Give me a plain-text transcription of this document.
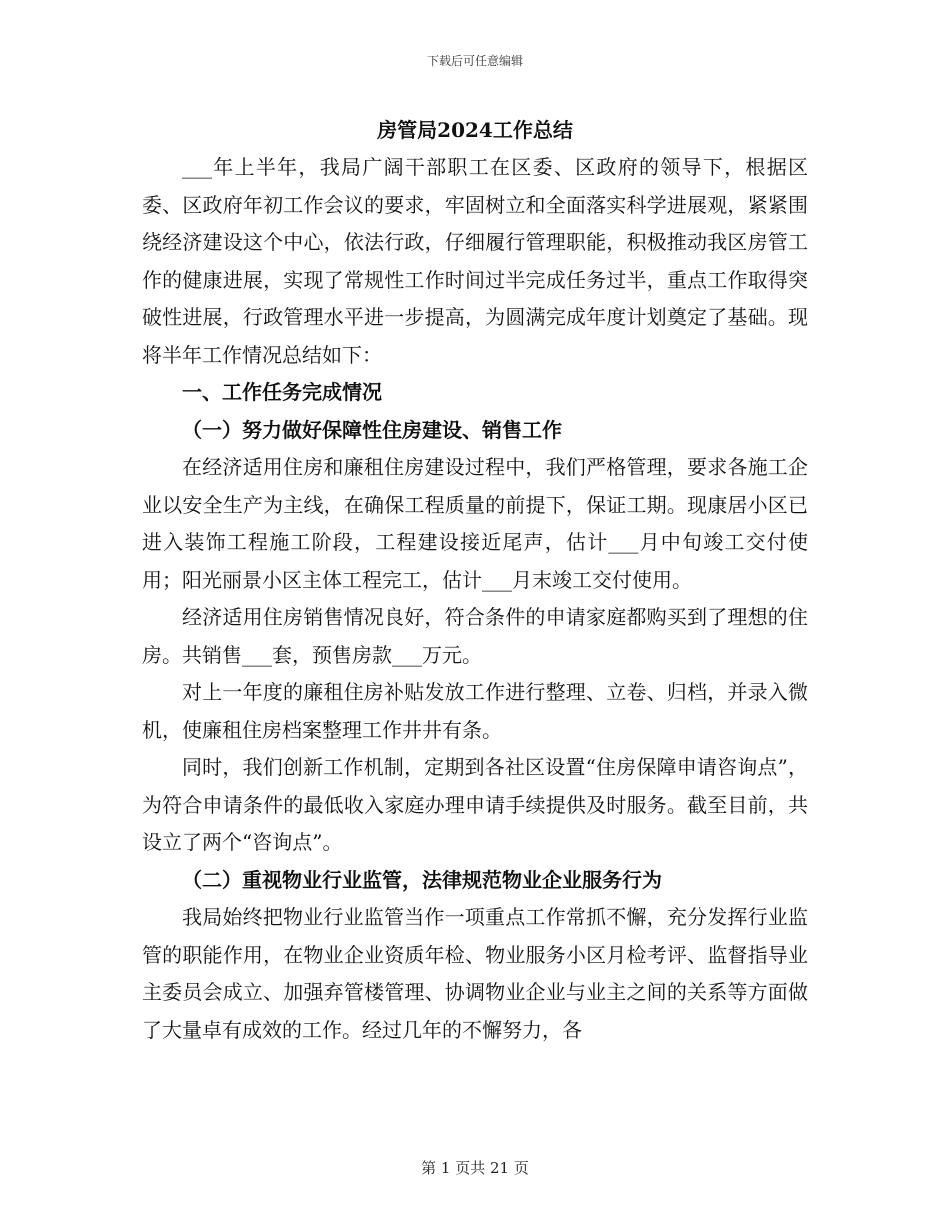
下载后可任意编辑
房管局2024工作总结

___年上半年，我局广阔干部职工在区委、区政府的领导下，根据区委、区政府年初工作会议的要求，牢固树立和全面落实科学进展观，紧紧围绕经济建设这个中心，依法行政，仔细履行管理职能，积极推动我区房管工作的健康进展，实现了常规性工作时间过半完成任务过半，重点工作取得突破性进展，行政管理水平进一步提高，为圆满完成年度计划奠定了基础。现将半年工作情况总结如下：

一、工作任务完成情况

（一）努力做好保障性住房建设、销售工作

在经济适用住房和廉租住房建设过程中，我们严格管理，要求各施工企业以安全生产为主线，在确保工程质量的前提下，保证工期。现康居小区已进入装饰工程施工阶段，工程建设接近尾声，估计___月中旬竣工交付使用；阳光丽景小区主体工程完工，估计___月末竣工交付使用。

经济适用住房销售情况良好，符合条件的申请家庭都购买到了理想的住房。共销售___套，预售房款___万元。

对上一年度的廉租住房补贴发放工作进行整理、立卷、归档，并录入微机，使廉租住房档案整理工作井井有条。

同时，我们创新工作机制，定期到各社区设置“住房保障申请咨询点”，为符合申请条件的最低收入家庭办理申请手续提供及时服务。截至目前，共设立了两个“咨询点”。

（二）重视物业行业监管，法律规范物业企业服务行为

我局始终把物业行业监管当作一项重点工作常抓不懈，充分发挥行业监管的职能作用，在物业企业资质年检、物业服务小区月检考评、监督指导业主委员会成立、加强弃管楼管理、协调物业企业与业主之间的关系等方面做了大量卓有成效的工作。经过几年的不懈努力，各

第 1 页共 21 页
